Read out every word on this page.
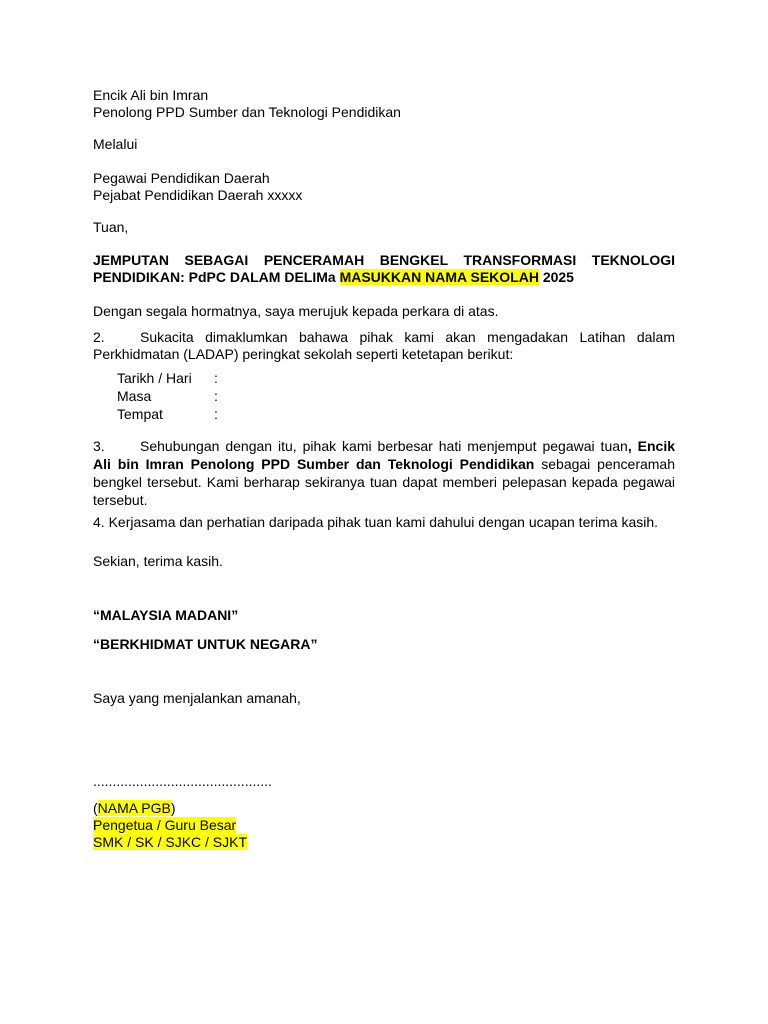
Encik Ali bin Imran

Penolong PPD Sumber dan Teknologi Pendidikan

Melalui

Pegawai Pendidikan Daerah

Pejabat Pendidikan Daerah xxxxx

Tuan,
JEMPUTAN SEBAGAI PENCERAMAH BENGKEL TRANSFORMASI TEKNOLOGI PENDIDIKAN: PdPC DALAM DELIMa MASUKKAN NAMA SEKOLAH 2025
Dengan segala hormatnya, saya merujuk kepada perkara di atas.
2.	Sukacita dimaklumkan bahawa pihak kami akan mengadakan Latihan dalam Perkhidmatan (LADAP) peringkat sekolah seperti ketetapan berikut:
Tarikh / Hari :
Masa	:
Tempat	:
3.	Sehubungan dengan itu, pihak kami berbesar hati menjemput pegawai tuan, Encik Ali bin Imran Penolong PPD Sumber dan Teknologi Pendidikan sebagai penceramah bengkel tersebut. Kami berharap sekiranya tuan dapat memberi pelepasan kepada pegawai tersebut.
4. Kerjasama dan perhatian daripada pihak tuan kami dahului dengan ucapan terima kasih.
Sekian, terima kasih.
“MALAYSIA MADANI”
“BERKHIDMAT UNTUK NEGARA”
Saya yang menjalankan amanah,
..............................................

(NAMA PGB)

Pengetua / Guru Besar

SMK / SK / SJKC / SJKT
